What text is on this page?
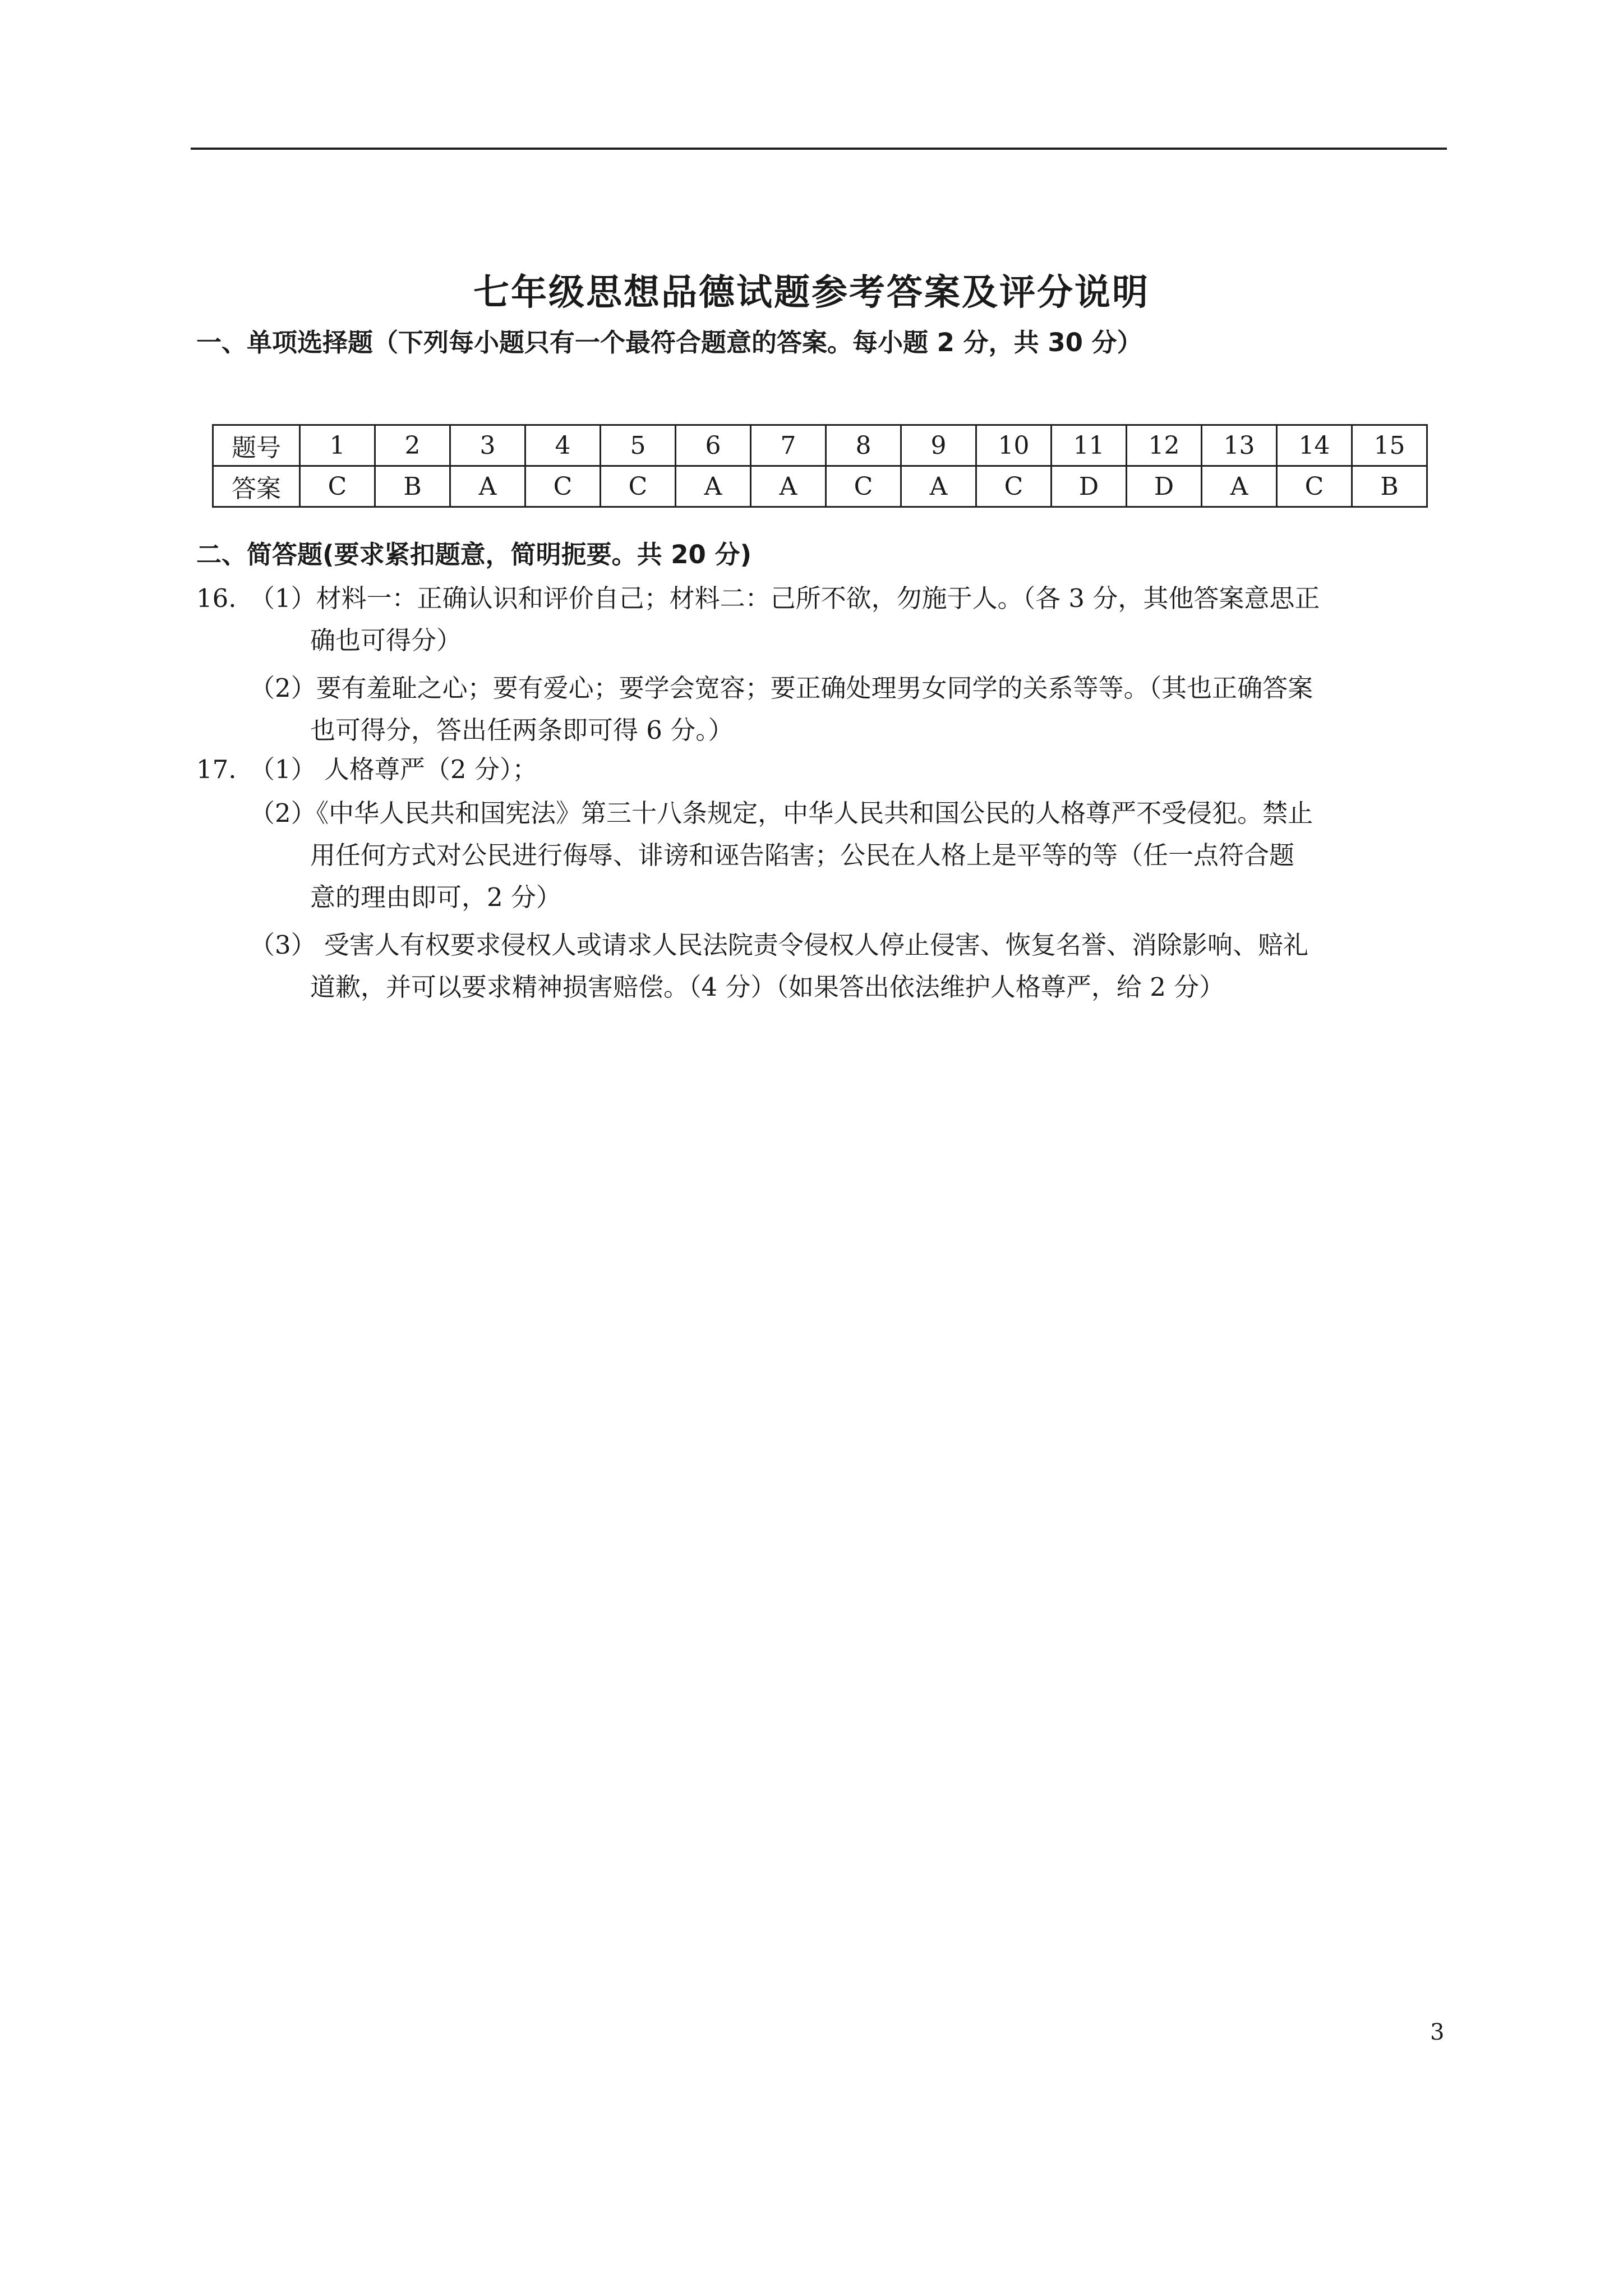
七年级思想品德试题参考答案及评分说明
一、单项选择题（下列每小题只有一个最符合题意的答案。每小题 2 分，共 30 分）
题号	1	2	3	4	5	6	7	8	9	10	11	12	13	14	15
答案	C	B	A	C	C	A	A	C	A	C	D	D	A	C	B
二、简答题(要求紧扣题意，简明扼要。共 20 分)
16. （1）材料一：正确认识和评价自己；材料二：己所不欲，勿施于人。（各 3 分，其他答案意思正
确也可得分）
（2）要有羞耻之心；要有爱心；要学会宽容；要正确处理男女同学的关系等等。（其也正确答案
也可得分，答出任两条即可得 6 分。）
17. （1） 人格尊严（2 分）；
（2）《中华人民共和国宪法》第三十八条规定，中华人民共和国公民的人格尊严不受侵犯。禁止
用任何方式对公民进行侮辱、诽谤和诬告陷害；公民在人格上是平等的等（任一点符合题
意的理由即可，2 分）
（3） 受害人有权要求侵权人或请求人民法院责令侵权人停止侵害、恢复名誉、消除影响、赔礼
道歉，并可以要求精神损害赔偿。（4 分）（如果答出依法维护人格尊严，给 2 分）
3
